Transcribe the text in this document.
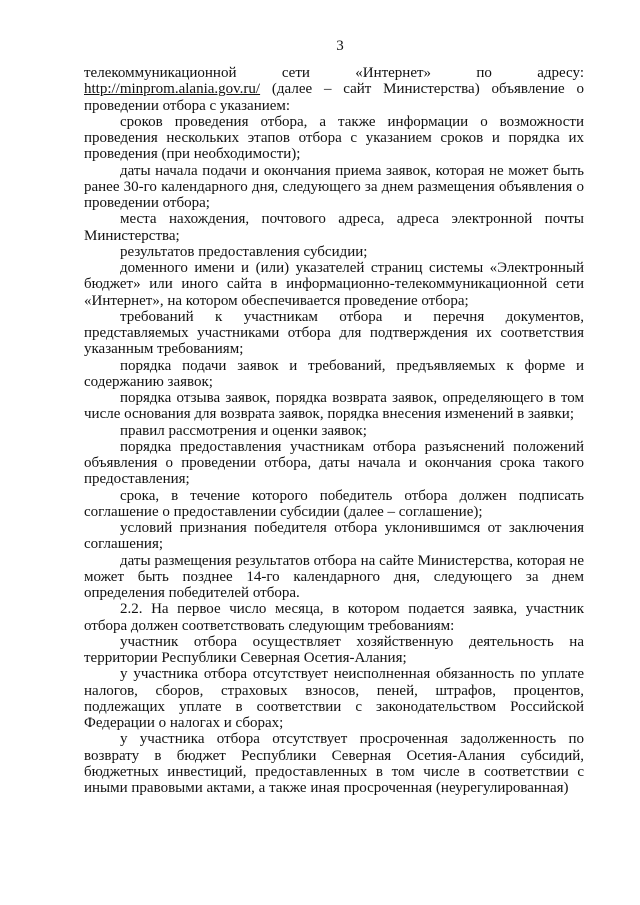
3

телекоммуникационной сети «Интернет» по адресу: http://minprom.alania.gov.ru/ (далее – сайт Министерства) объявление о проведении отбора с указанием:

сроков проведения отбора, а также информации о возможности проведения нескольких этапов отбора с указанием сроков и порядка их проведения (при необходимости);

даты начала подачи и окончания приема заявок, которая не может быть ранее 30-го календарного дня, следующего за днем размещения объявления о проведении отбора;

места нахождения, почтового адреса, адреса электронной почты Министерства;

результатов предоставления субсидии;

доменного имени и (или) указателей страниц системы «Электронный бюджет» или иного сайта в информационно-телекоммуникационной сети «Интернет», на котором обеспечивается проведение отбора;

требований к участникам отбора и перечня документов, представляемых участниками отбора для подтверждения их соответствия указанным требованиям;

порядка подачи заявок и требований, предъявляемых к форме и содержанию заявок;

порядка отзыва заявок, порядка возврата заявок, определяющего в том числе основания для возврата заявок, порядка внесения изменений в заявки;

правил рассмотрения и оценки заявок;

порядка предоставления участникам отбора разъяснений положений объявления о проведении отбора, даты начала и окончания срока такого предоставления;

срока, в течение которого победитель отбора должен подписать соглашение о предоставлении субсидии (далее – соглашение);

условий признания победителя отбора уклонившимся от заключения соглашения;

даты размещения результатов отбора на сайте Министерства, которая не может быть позднее 14-го календарного дня, следующего за днем определения победителей отбора.

2.2. На первое число месяца, в котором подается заявка, участник отбора должен соответствовать следующим требованиям:

участник отбора осуществляет хозяйственную деятельность на территории Республики Северная Осетия-Алания;

у участника отбора отсутствует неисполненная обязанность по уплате налогов, сборов, страховых взносов, пеней, штрафов, процентов, подлежащих уплате в соответствии с законодательством Российской Федерации о налогах и сборах;

у участника отбора отсутствует просроченная задолженность по возврату в бюджет Республики Северная Осетия-Алания субсидий, бюджетных инвестиций, предоставленных в том числе в соответствии с иными правовыми актами, а также иная просроченная (неурегулированная)
